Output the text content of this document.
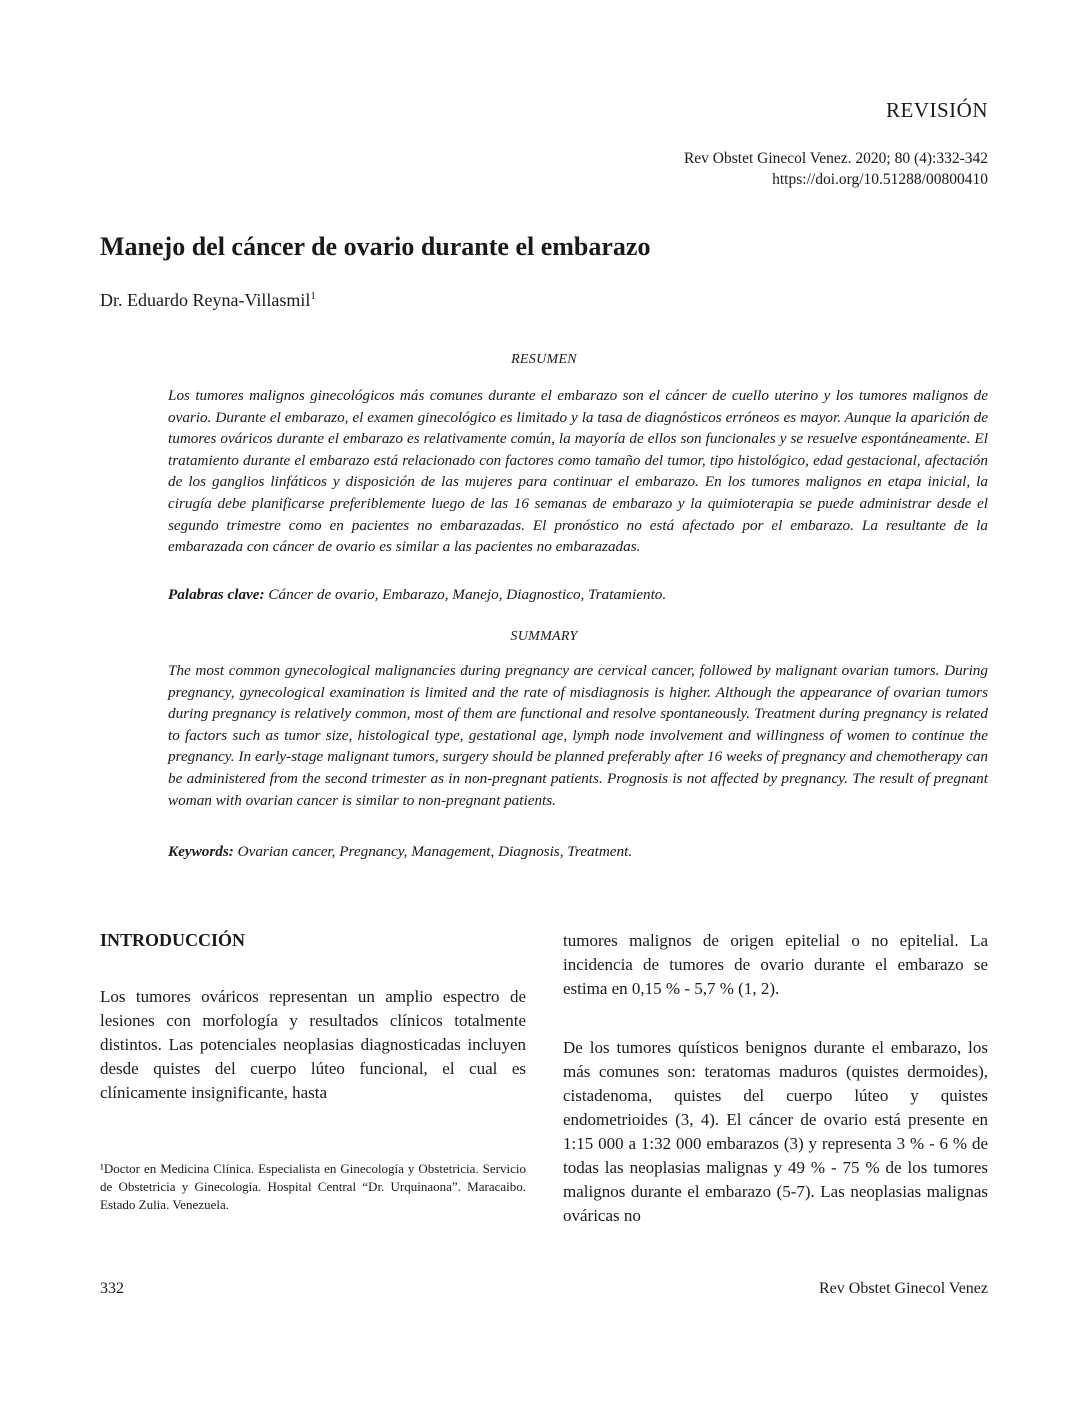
REVISIÓN
Rev Obstet Ginecol Venez. 2020; 80 (4):332-342
https://doi.org/10.51288/00800410
Manejo del cáncer de ovario durante el embarazo
Dr. Eduardo Reyna-Villasmil$^1$
RESUMEN

Los tumores malignos ginecológicos más comunes durante el embarazo son el cáncer de cuello uterino y los tumores malignos de ovario. Durante el embarazo, el examen ginecológico es limitado y la tasa de diagnósticos erróneos es mayor. Aunque la aparición de tumores ováricos durante el embarazo es relativamente común, la mayoría de ellos son funcionales y se resuelve espontáneamente. El tratamiento durante el embarazo está relacionado con factores como tamaño del tumor, tipo histológico, edad gestacional, afectación de los ganglios linfáticos y disposición de las mujeres para continuar el embarazo. En los tumores malignos en etapa inicial, la cirugía debe planificarse preferiblemente luego de las 16 semanas de embarazo y la quimioterapia se puede administrar desde el segundo trimestre como en pacientes no embarazadas. El pronóstico no está afectado por el embarazo. La resultante de la embarazada con cáncer de ovario es similar a las pacientes no embarazadas.

Palabras clave: Cáncer de ovario, Embarazo, Manejo, Diagnostico, Tratamiento.
SUMMARY

The most common gynecological malignancies during pregnancy are cervical cancer, followed by malignant ovarian tumors. During pregnancy, gynecological examination is limited and the rate of misdiagnosis is higher. Although the appearance of ovarian tumors during pregnancy is relatively common, most of them are functional and resolve spontaneously. Treatment during pregnancy is related to factors such as tumor size, histological type, gestational age, lymph node involvement and willingness of women to continue the pregnancy. In early-stage malignant tumors, surgery should be planned preferably after 16 weeks of pregnancy and chemotherapy can be administered from the second trimester as in non-pregnant patients. Prognosis is not affected by pregnancy. The result of pregnant woman with ovarian cancer is similar to non-pregnant patients.

Keywords: Ovarian cancer, Pregnancy, Management, Diagnosis, Treatment.
INTRODUCCIÓN

Los tumores ováricos representan un amplio espectro de lesiones con morfología y resultados clínicos totalmente distintos. Las potenciales neoplasias diagnosticadas incluyen desde quistes del cuerpo lúteo funcional, el cual es clínicamente insignificante, hasta

¹Doctor en Medicina Clínica. Especialista en Ginecología y Obstetricia. Servicio de Obstetricia y Ginecología. Hospital Central “Dr. Urquinaona”. Maracaibo. Estado Zulia. Venezuela.

tumores malignos de origen epitelial o no epitelial. La incidencia de tumores de ovario durante el embarazo se estima en 0,15 % - 5,7 % (1, 2).

De los tumores quísticos benignos durante el embarazo, los más comunes son: teratomas maduros (quistes dermoides), cistadenoma, quistes del cuerpo lúteo y quistes endometrioides (3, 4). El cáncer de ovario está presente en 1:15 000 a 1:32 000 embarazos (3) y representa 3 % - 6 % de todas las neoplasias malignas y 49 % - 75 % de los tumores malignos durante el embarazo (5-7). Las neoplasias malignas ováricas no

332	Rev Obstet Ginecol Venez
